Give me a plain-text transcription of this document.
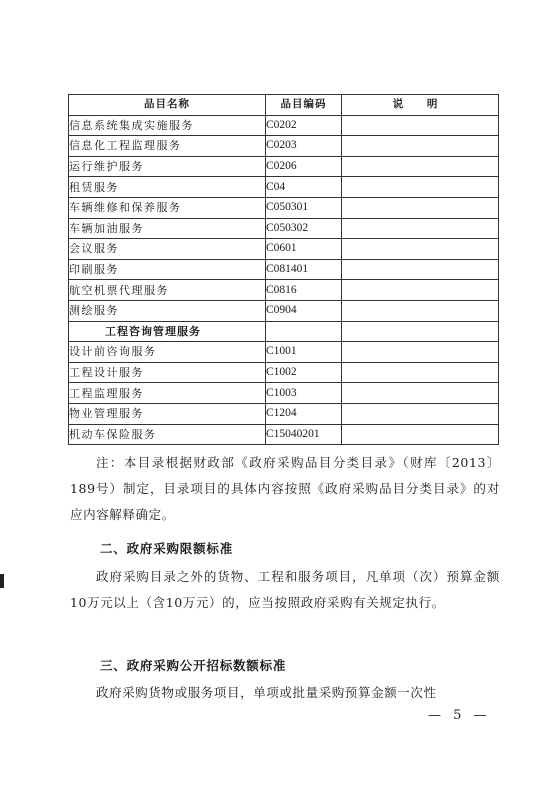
品目名称	品目编码	说 明
信息系统集成实施服务	C0202	
信息化工程监理服务	C0203	
运行维护服务	C0206	
租赁服务	C04	
车辆维修和保养服务	C050301	
车辆加油服务	C050302	
会议服务	C0601	
印刷服务	C081401	
航空机票代理服务	C0816	
测绘服务	C0904	
工程咨询管理服务		
设计前咨询服务	C1001	
工程设计服务	C1002	
工程监理服务	C1003	
物业管理服务	C1204	
机动车保险服务	C15040201	
注：本目录根据财政部《政府采购品目分类目录》（财库〔2013〕189号）制定，目录项目的具体内容按照《政府采购品目分类目录》的对应内容解释确定。
二、政府采购限额标准
政府采购目录之外的货物、工程和服务项目，凡单项（次）预算金额10万元以上（含10万元）的，应当按照政府采购有关规定执行。
三、政府采购公开招标数额标准
政府采购货物或服务项目，单项或批量采购预算金额一次性
— 5 —
